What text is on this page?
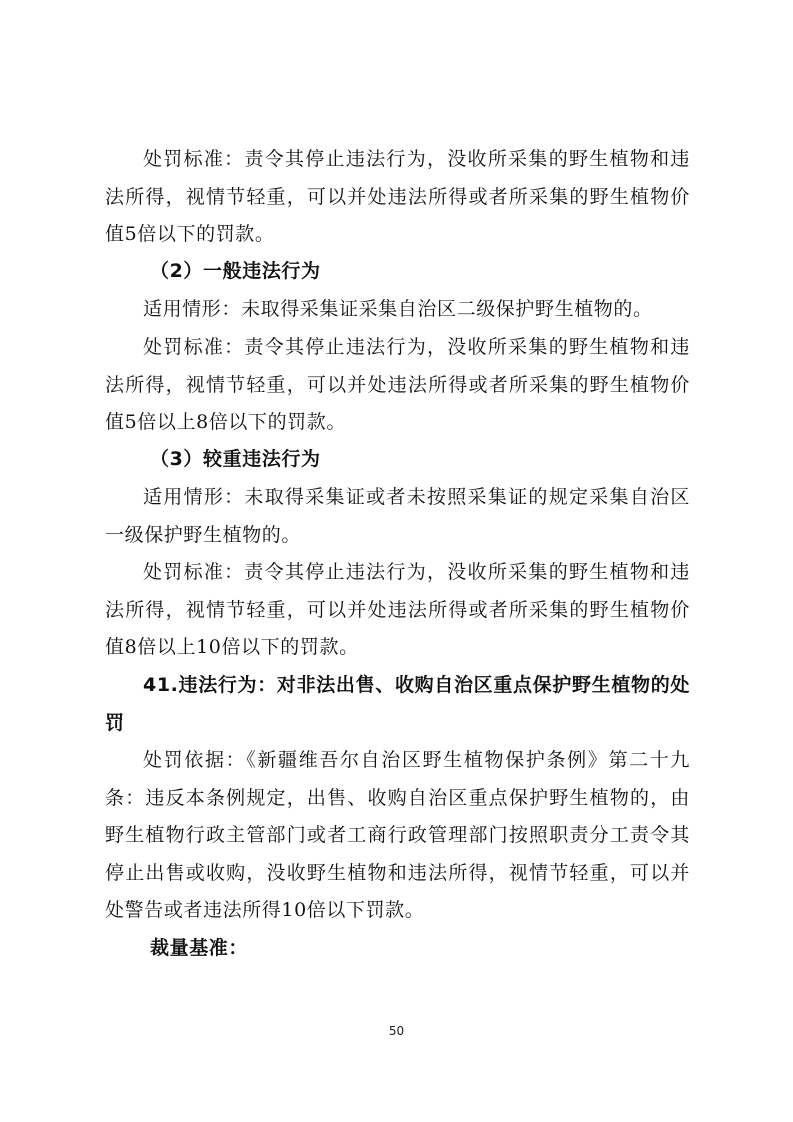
处罚标准：责令其停止违法行为，没收所采集的野生植物和违法所得，视情节轻重，可以并处违法所得或者所采集的野生植物价值5倍以下的罚款。

（2）一般违法行为

适用情形：未取得采集证采集自治区二级保护野生植物的。

处罚标准：责令其停止违法行为，没收所采集的野生植物和违法所得，视情节轻重，可以并处违法所得或者所采集的野生植物价值5倍以上8倍以下的罚款。

（3）较重违法行为

适用情形：未取得采集证或者未按照采集证的规定采集自治区一级保护野生植物的。

处罚标准：责令其停止违法行为，没收所采集的野生植物和违法所得，视情节轻重，可以并处违法所得或者所采集的野生植物价值8倍以上10倍以下的罚款。

41.违法行为：对非法出售、收购自治区重点保护野生植物的处罚

处罚依据：《新疆维吾尔自治区野生植物保护条例》第二十九条：违反本条例规定，出售、收购自治区重点保护野生植物的，由野生植物行政主管部门或者工商行政管理部门按照职责分工责令其停止出售或收购，没收野生植物和违法所得，视情节轻重，可以并处警告或者违法所得10倍以下罚款。

裁量基准：

50
